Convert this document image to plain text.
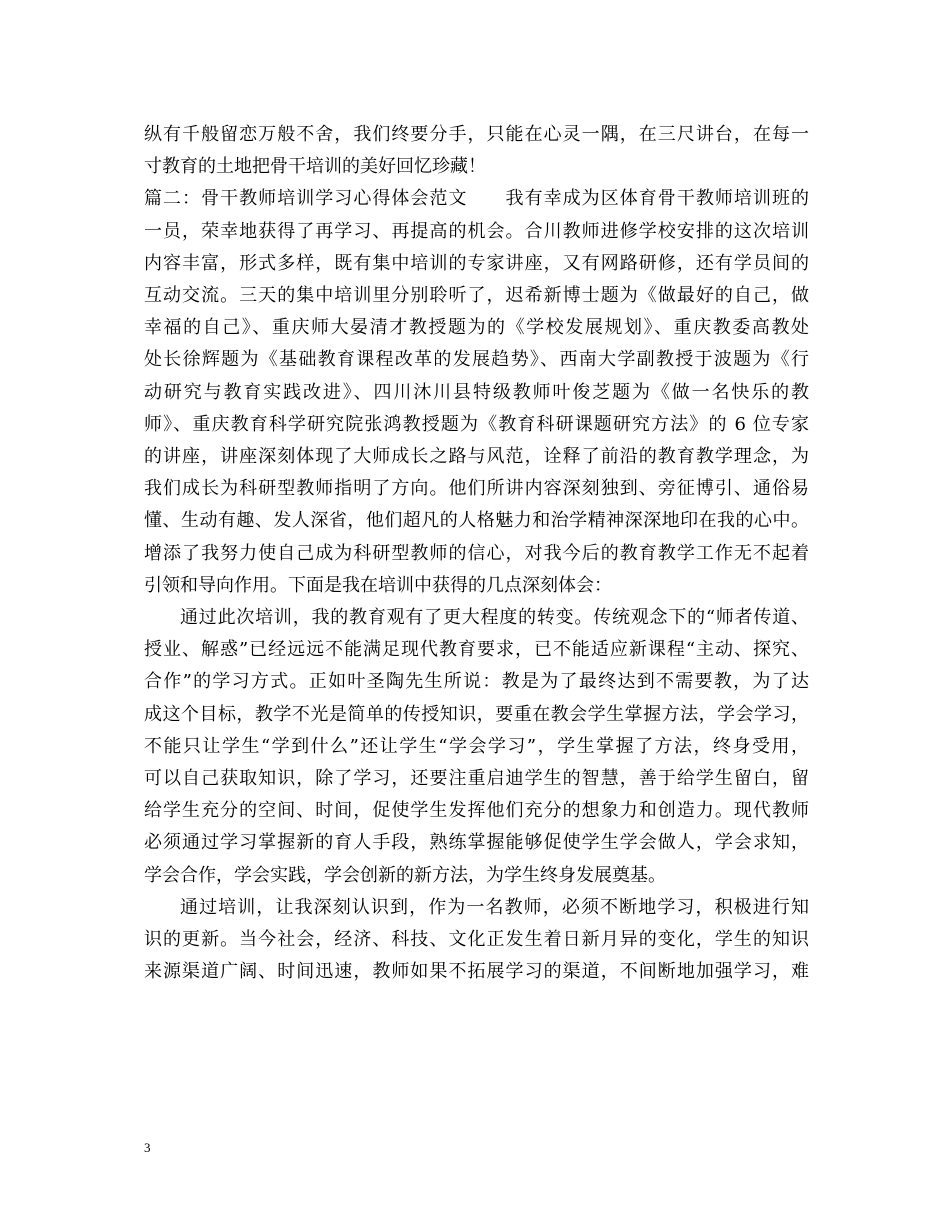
纵有千般留恋万般不舍，我们终要分手，只能在心灵一隅，在三尺讲台，在每一
寸教育的土地把骨干培训的美好回忆珍藏！
篇二：骨干教师培训学习心得体会范文　　我有幸成为区体育骨干教师培训班的
一员，荣幸地获得了再学习、再提高的机会。合川教师进修学校安排的这次培训
内容丰富，形式多样，既有集中培训的专家讲座，又有网路研修，还有学员间的
互动交流。三天的集中培训里分别聆听了，迟希新博士题为《做最好的自己，做
幸福的自己》、重庆师大晏清才教授题为的《学校发展规划》、重庆教委高教处
处长徐辉题为《基础教育课程改革的发展趋势》、西南大学副教授于波题为《行
动研究与教育实践改进》、四川沐川县特级教师叶俊芝题为《做一名快乐的教
师》、重庆教育科学研究院张鸿教授题为《教育科研课题研究方法》的 6 位专家
的讲座，讲座深刻体现了大师成长之路与风范，诠释了前沿的教育教学理念，为
我们成长为科研型教师指明了方向。他们所讲内容深刻独到、旁征博引、通俗易
懂、生动有趣、发人深省，他们超凡的人格魅力和治学精神深深地印在我的心中。
增添了我努力使自己成为科研型教师的信心，对我今后的教育教学工作无不起着
引领和导向作用。下面是我在培训中获得的几点深刻体会：
通过此次培训，我的教育观有了更大程度的转变。传统观念下的“师者传道、
授业、解惑”已经远远不能满足现代教育要求，已不能适应新课程“主动、探究、
合作”的学习方式。正如叶圣陶先生所说：教是为了最终达到不需要教，为了达
成这个目标，教学不光是简单的传授知识，要重在教会学生掌握方法，学会学习，
不能只让学生“学到什么”还让学生“学会学习”，学生掌握了方法，终身受用，
可以自己获取知识，除了学习，还要注重启迪学生的智慧，善于给学生留白，留
给学生充分的空间、时间，促使学生发挥他们充分的想象力和创造力。现代教师
必须通过学习掌握新的育人手段，熟练掌握能够促使学生学会做人，学会求知，
学会合作，学会实践，学会创新的新方法，为学生终身发展奠基。
通过培训，让我深刻认识到，作为一名教师，必须不断地学习，积极进行知
识的更新。当今社会，经济、科技、文化正发生着日新月异的变化，学生的知识
来源渠道广阔、时间迅速，教师如果不拓展学习的渠道，不间断地加强学习，难
3
